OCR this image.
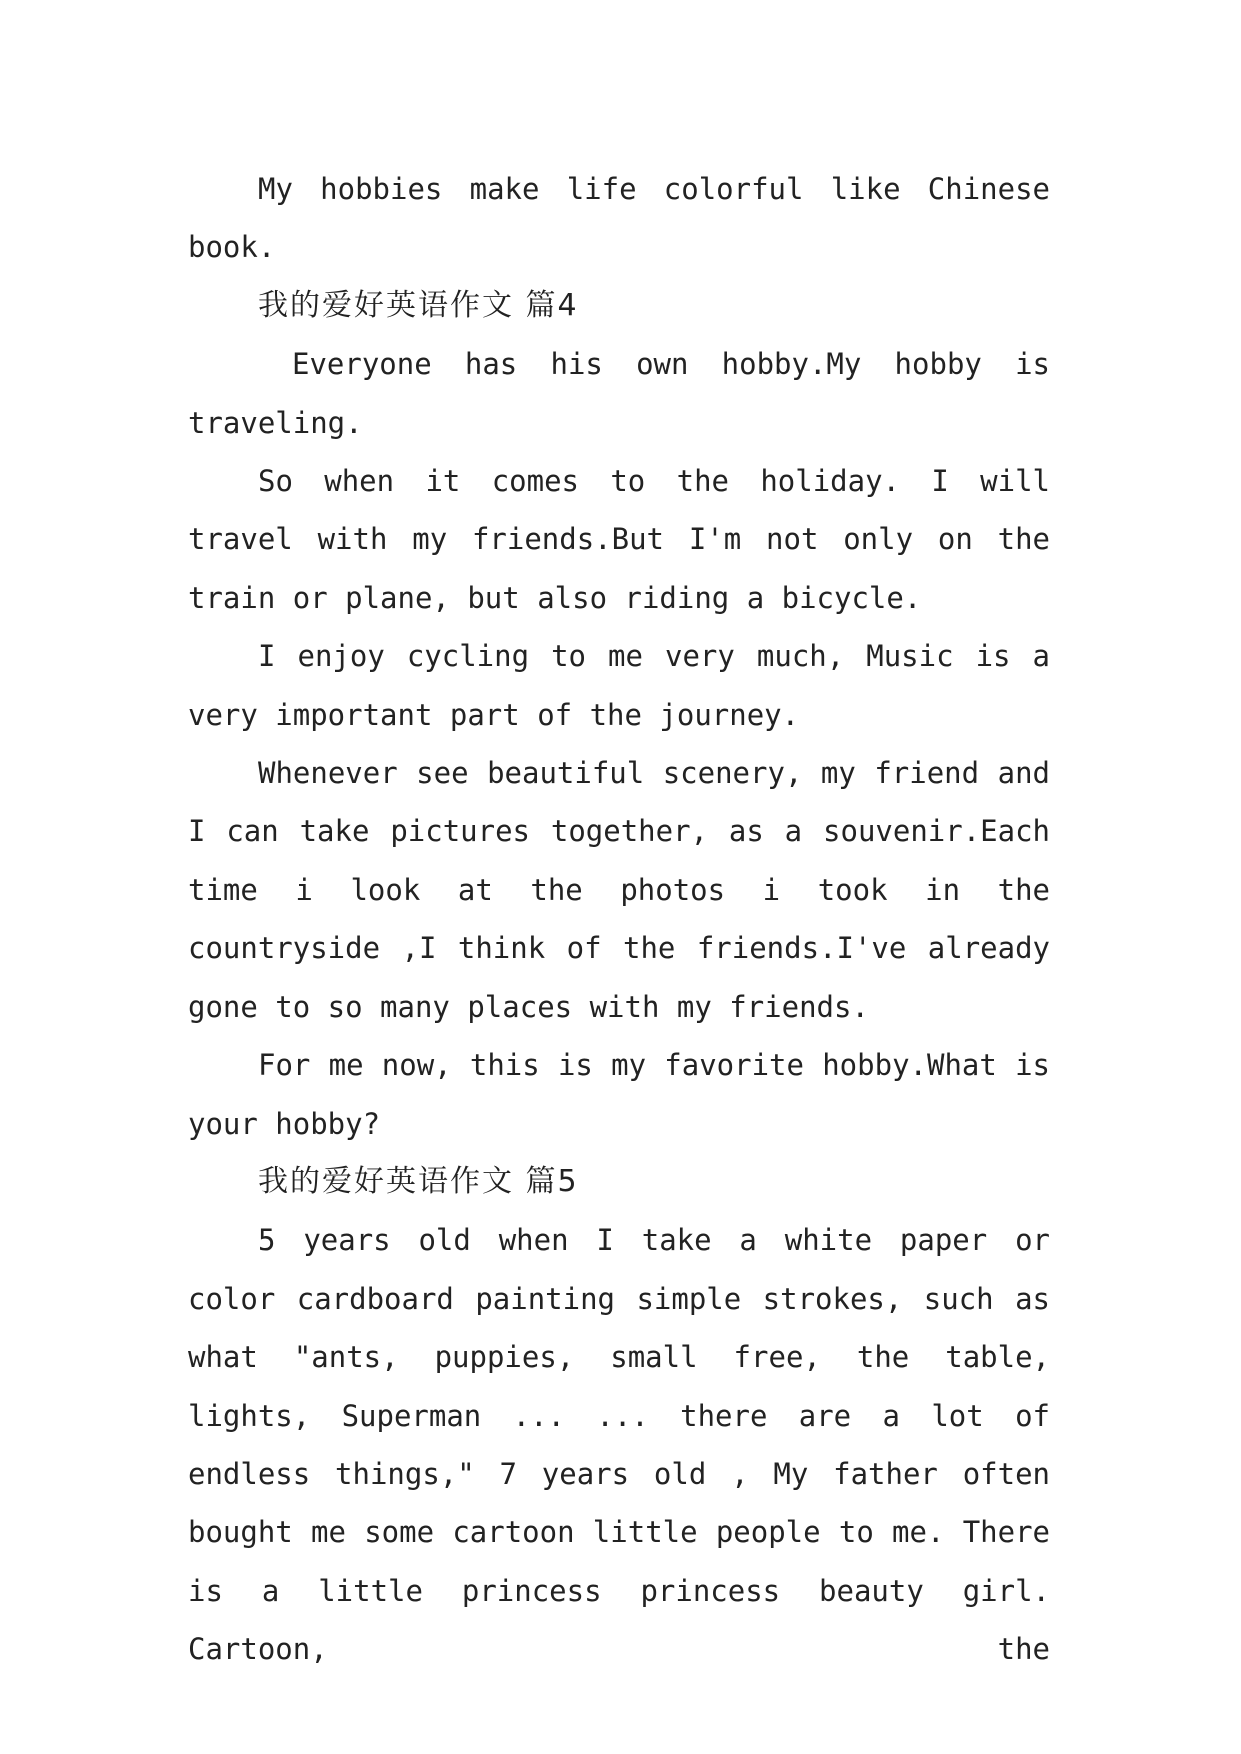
My hobbies make life colorful like Chinese book.

我的爱好英语作文 篇4

Everyone has his own hobby.My hobby is traveling.

So when it comes to the holiday. I will travel with my friends.But I'm not only on the train or plane, but also riding a bicycle.

I enjoy cycling to me very much, Music is a very important part of the journey.

Whenever see beautiful scenery, my friend and I can take pictures together, as a souvenir.Each time i look at the photos i took in the countryside ,I think of the friends.I've already gone to so many places with my friends.

For me now, this is my favorite hobby.What is your hobby?

我的爱好英语作文 篇5

5 years old when I take a white paper or color cardboard painting simple strokes, such as what "ants, puppies, small free, the table, lights, Superman ... ... there are a lot of endless things," 7 years old , My father often bought me some cartoon little people to me. There is a little princess princess beauty girl. Cartoon, the
